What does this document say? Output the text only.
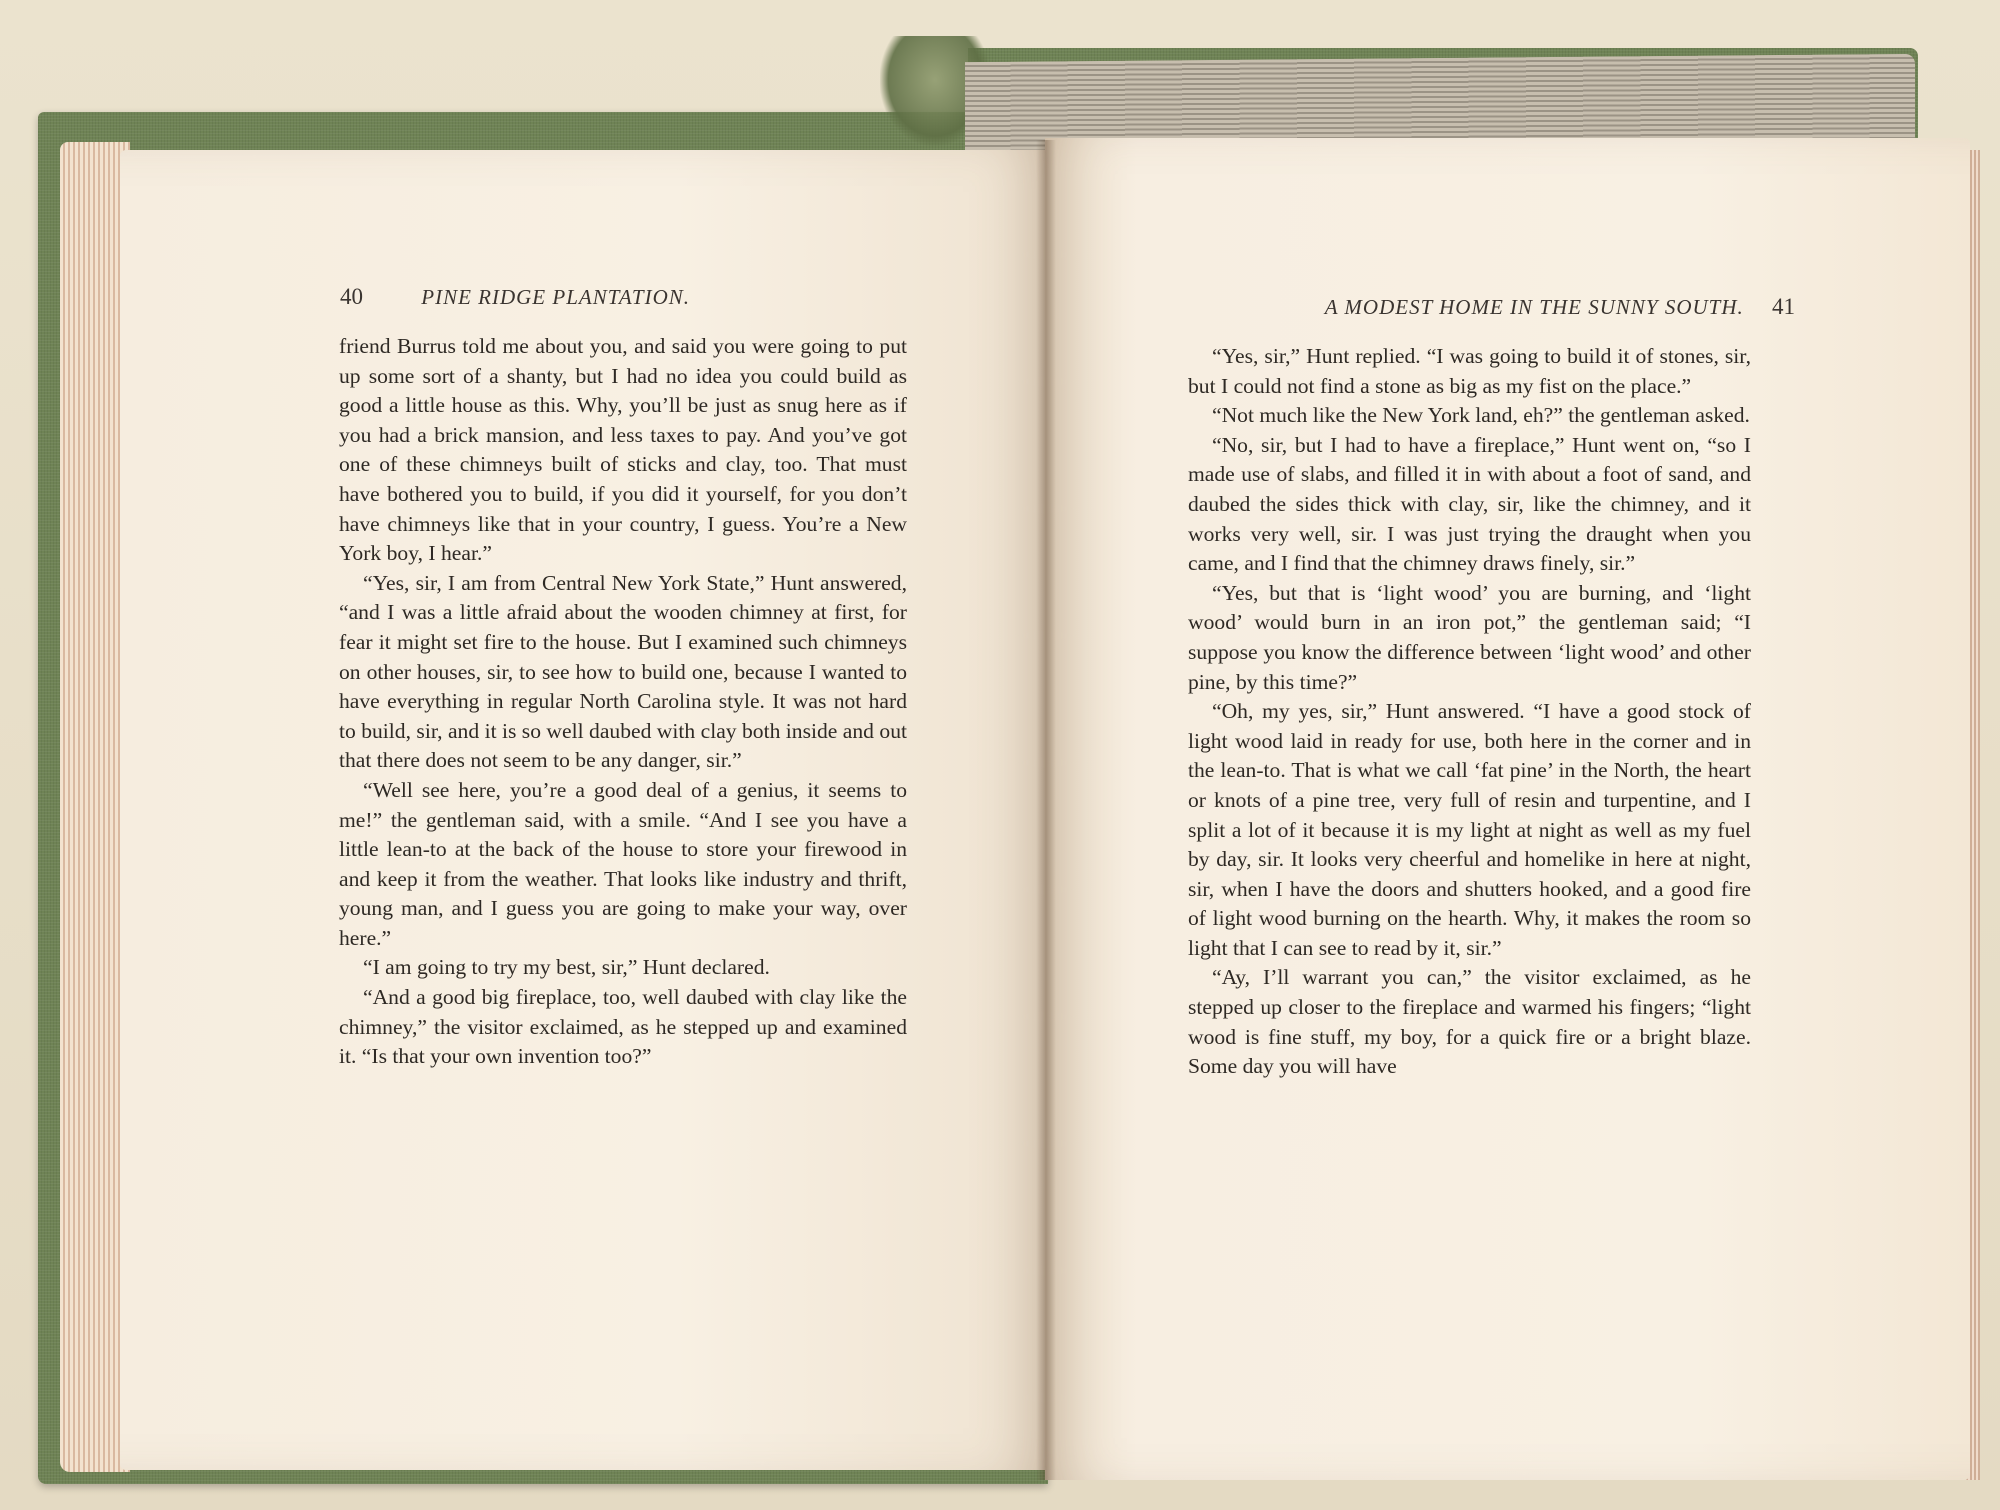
40	PINE RIDGE PLANTATION.

friend Burrus told me about you, and said you were going to put up some sort of a shanty, but I had no idea you could build as good a little house as this. Why, you’ll be just as snug here as if you had a brick mansion, and less taxes to pay. And you’ve got one of these chimneys built of sticks and clay, too. That must have bothered you to build, if you did it yourself, for you don’t have chimneys like that in your country, I guess. You’re a New York boy, I hear.”

“Yes, sir, I am from Central New York State,” Hunt answered, “and I was a little afraid about the wooden chimney at first, for fear it might set fire to the house. But I examined such chimneys on other houses, sir, to see how to build one, because I wanted to have everything in regular North Carolina style. It was not hard to build, sir, and it is so well daubed with clay both inside and out that there does not seem to be any danger, sir.”

“Well see here, you’re a good deal of a genius, it seems to me!” the gentleman said, with a smile. “And I see you have a little lean-to at the back of the house to store your firewood in and keep it from the weather. That looks like industry and thrift, young man, and I guess you are going to make your way, over here.”

“I am going to try my best, sir,” Hunt declared.

“And a good big fireplace, too, well daubed with clay like the chimney,” the visitor exclaimed, as he stepped up and examined it. “Is that your own invention too?”

A MODEST HOME IN THE SUNNY SOUTH. 41

“Yes, sir,” Hunt replied. “I was going to build it of stones, sir, but I could not find a stone as big as my fist on the place.”

“Not much like the New York land, eh?” the gentleman asked.

“No, sir, but I had to have a fireplace,” Hunt went on, “so I made use of slabs, and filled it in with about a foot of sand, and daubed the sides thick with clay, sir, like the chimney, and it works very well, sir. I was just trying the draught when you came, and I find that the chimney draws finely, sir.”

“Yes, but that is ‘light wood’ you are burning, and ‘light wood’ would burn in an iron pot,” the gentleman said; “I suppose you know the difference between ‘light wood’ and other pine, by this time?”

“Oh, my yes, sir,” Hunt answered. “I have a good stock of light wood laid in ready for use, both here in the corner and in the lean-to. That is what we call ‘fat pine’ in the North, the heart or knots of a pine tree, very full of resin and turpentine, and I split a lot of it because it is my light at night as well as my fuel by day, sir. It looks very cheerful and homelike in here at night, sir, when I have the doors and shutters hooked, and a good fire of light wood burning on the hearth. Why, it makes the room so light that I can see to read by it, sir.”

“Ay, I’ll warrant you can,” the visitor exclaimed, as he stepped up closer to the fireplace and warmed his fingers; “light wood is fine stuff, my boy, for a quick fire or a bright blaze. Some day you will have
